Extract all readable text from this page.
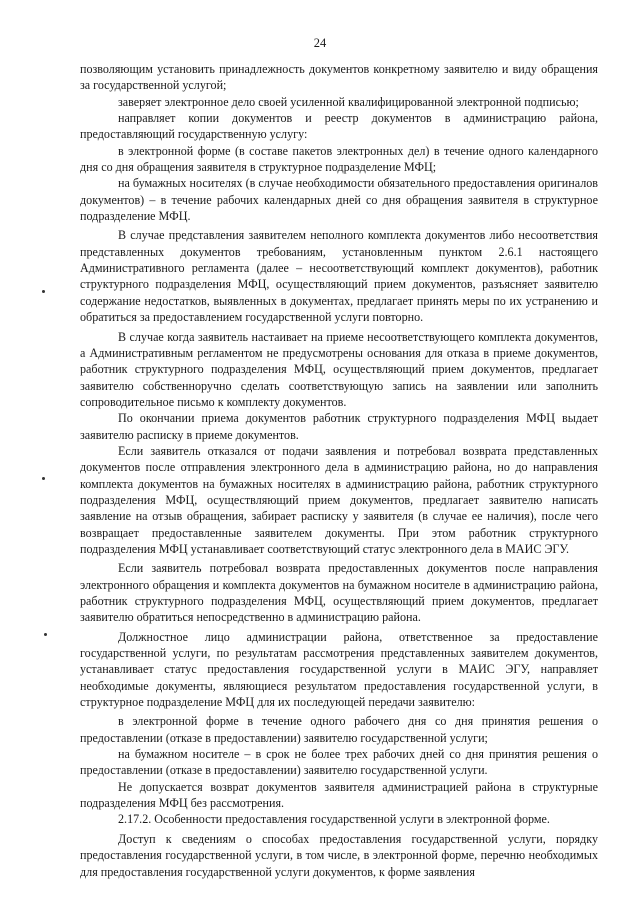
24

позволяющим установить принадлежность документов конкретному заявителю и виду обращения за государственной услугой;

заверяет электронное дело своей усиленной квалифицированной электронной подписью;

направляет копии документов и реестр документов в администрацию района, предоставляющий государственную услугу:

в электронной форме (в составе пакетов электронных дел) в течение одного календарного дня со дня обращения заявителя в структурное подразделение МФЦ;

на бумажных носителях (в случае необходимости обязательного предоставления оригиналов документов) – в течение рабочих календарных дней со дня обращения заявителя в структурное подразделение МФЦ.

В случае представления заявителем неполного комплекта документов либо несоответствия представленных документов требованиям, установленным пунктом 2.6.1 настоящего Административного регламента (далее – несоответствующий комплект документов), работник структурного подразделения МФЦ, осуществляющий прием документов, разъясняет заявителю содержание недостатков, выявленных в документах, предлагает принять меры по их устранению и обратиться за предоставлением государственной услуги повторно.

В случае когда заявитель настаивает на приеме несоответствующего комплекта документов, а Административным регламентом не предусмотрены основания для отказа в приеме документов, работник структурного подразделения МФЦ, осуществляющий прием документов, предлагает заявителю собственноручно сделать соответствующую запись на заявлении или заполнить сопроводительное письмо к комплекту документов.

По окончании приема документов работник структурного подразделения МФЦ выдает заявителю расписку в приеме документов.

Если заявитель отказался от подачи заявления и потребовал возврата представленных документов после отправления электронного дела в администрацию района, но до направления комплекта документов на бумажных носителях в администрацию района, работник структурного подразделения МФЦ, осуществляющий прием документов, предлагает заявителю написать заявление на отзыв обращения, забирает расписку у заявителя (в случае ее наличия), после чего возвращает предоставленные заявителем документы. При этом работник структурного подразделения МФЦ устанавливает соответствующий статус электронного дела в МАИС ЭГУ.

Если заявитель потребовал возврата предоставленных документов после направления электронного обращения и комплекта документов на бумажном носителе в администрацию района, работник структурного подразделения МФЦ, осуществляющий прием документов, предлагает заявителю обратиться непосредственно в администрацию района.

Должностное лицо администрации района, ответственное за предоставление государственной услуги, по результатам рассмотрения представленных заявителем документов, устанавливает статус предоставления государственной услуги в МАИС ЭГУ, направляет необходимые документы, являющиеся результатом предоставления государственной услуги, в структурное подразделение МФЦ для их последующей передачи заявителю:

в электронной форме в течение одного рабочего дня со дня принятия решения о предоставлении (отказе в предоставлении) заявителю государственной услуги;

на бумажном носителе – в срок не более трех рабочих дней со дня принятия решения о предоставлении (отказе в предоставлении) заявителю государственной услуги.

Не допускается возврат документов заявителя администрацией района в структурные подразделения МФЦ без рассмотрения.

2.17.2. Особенности предоставления государственной услуги в электронной форме.

Доступ к сведениям о способах предоставления государственной услуги, порядку предоставления государственной услуги, в том числе, в электронной форме, перечню необходимых для предоставления государственной услуги документов, к форме заявления
